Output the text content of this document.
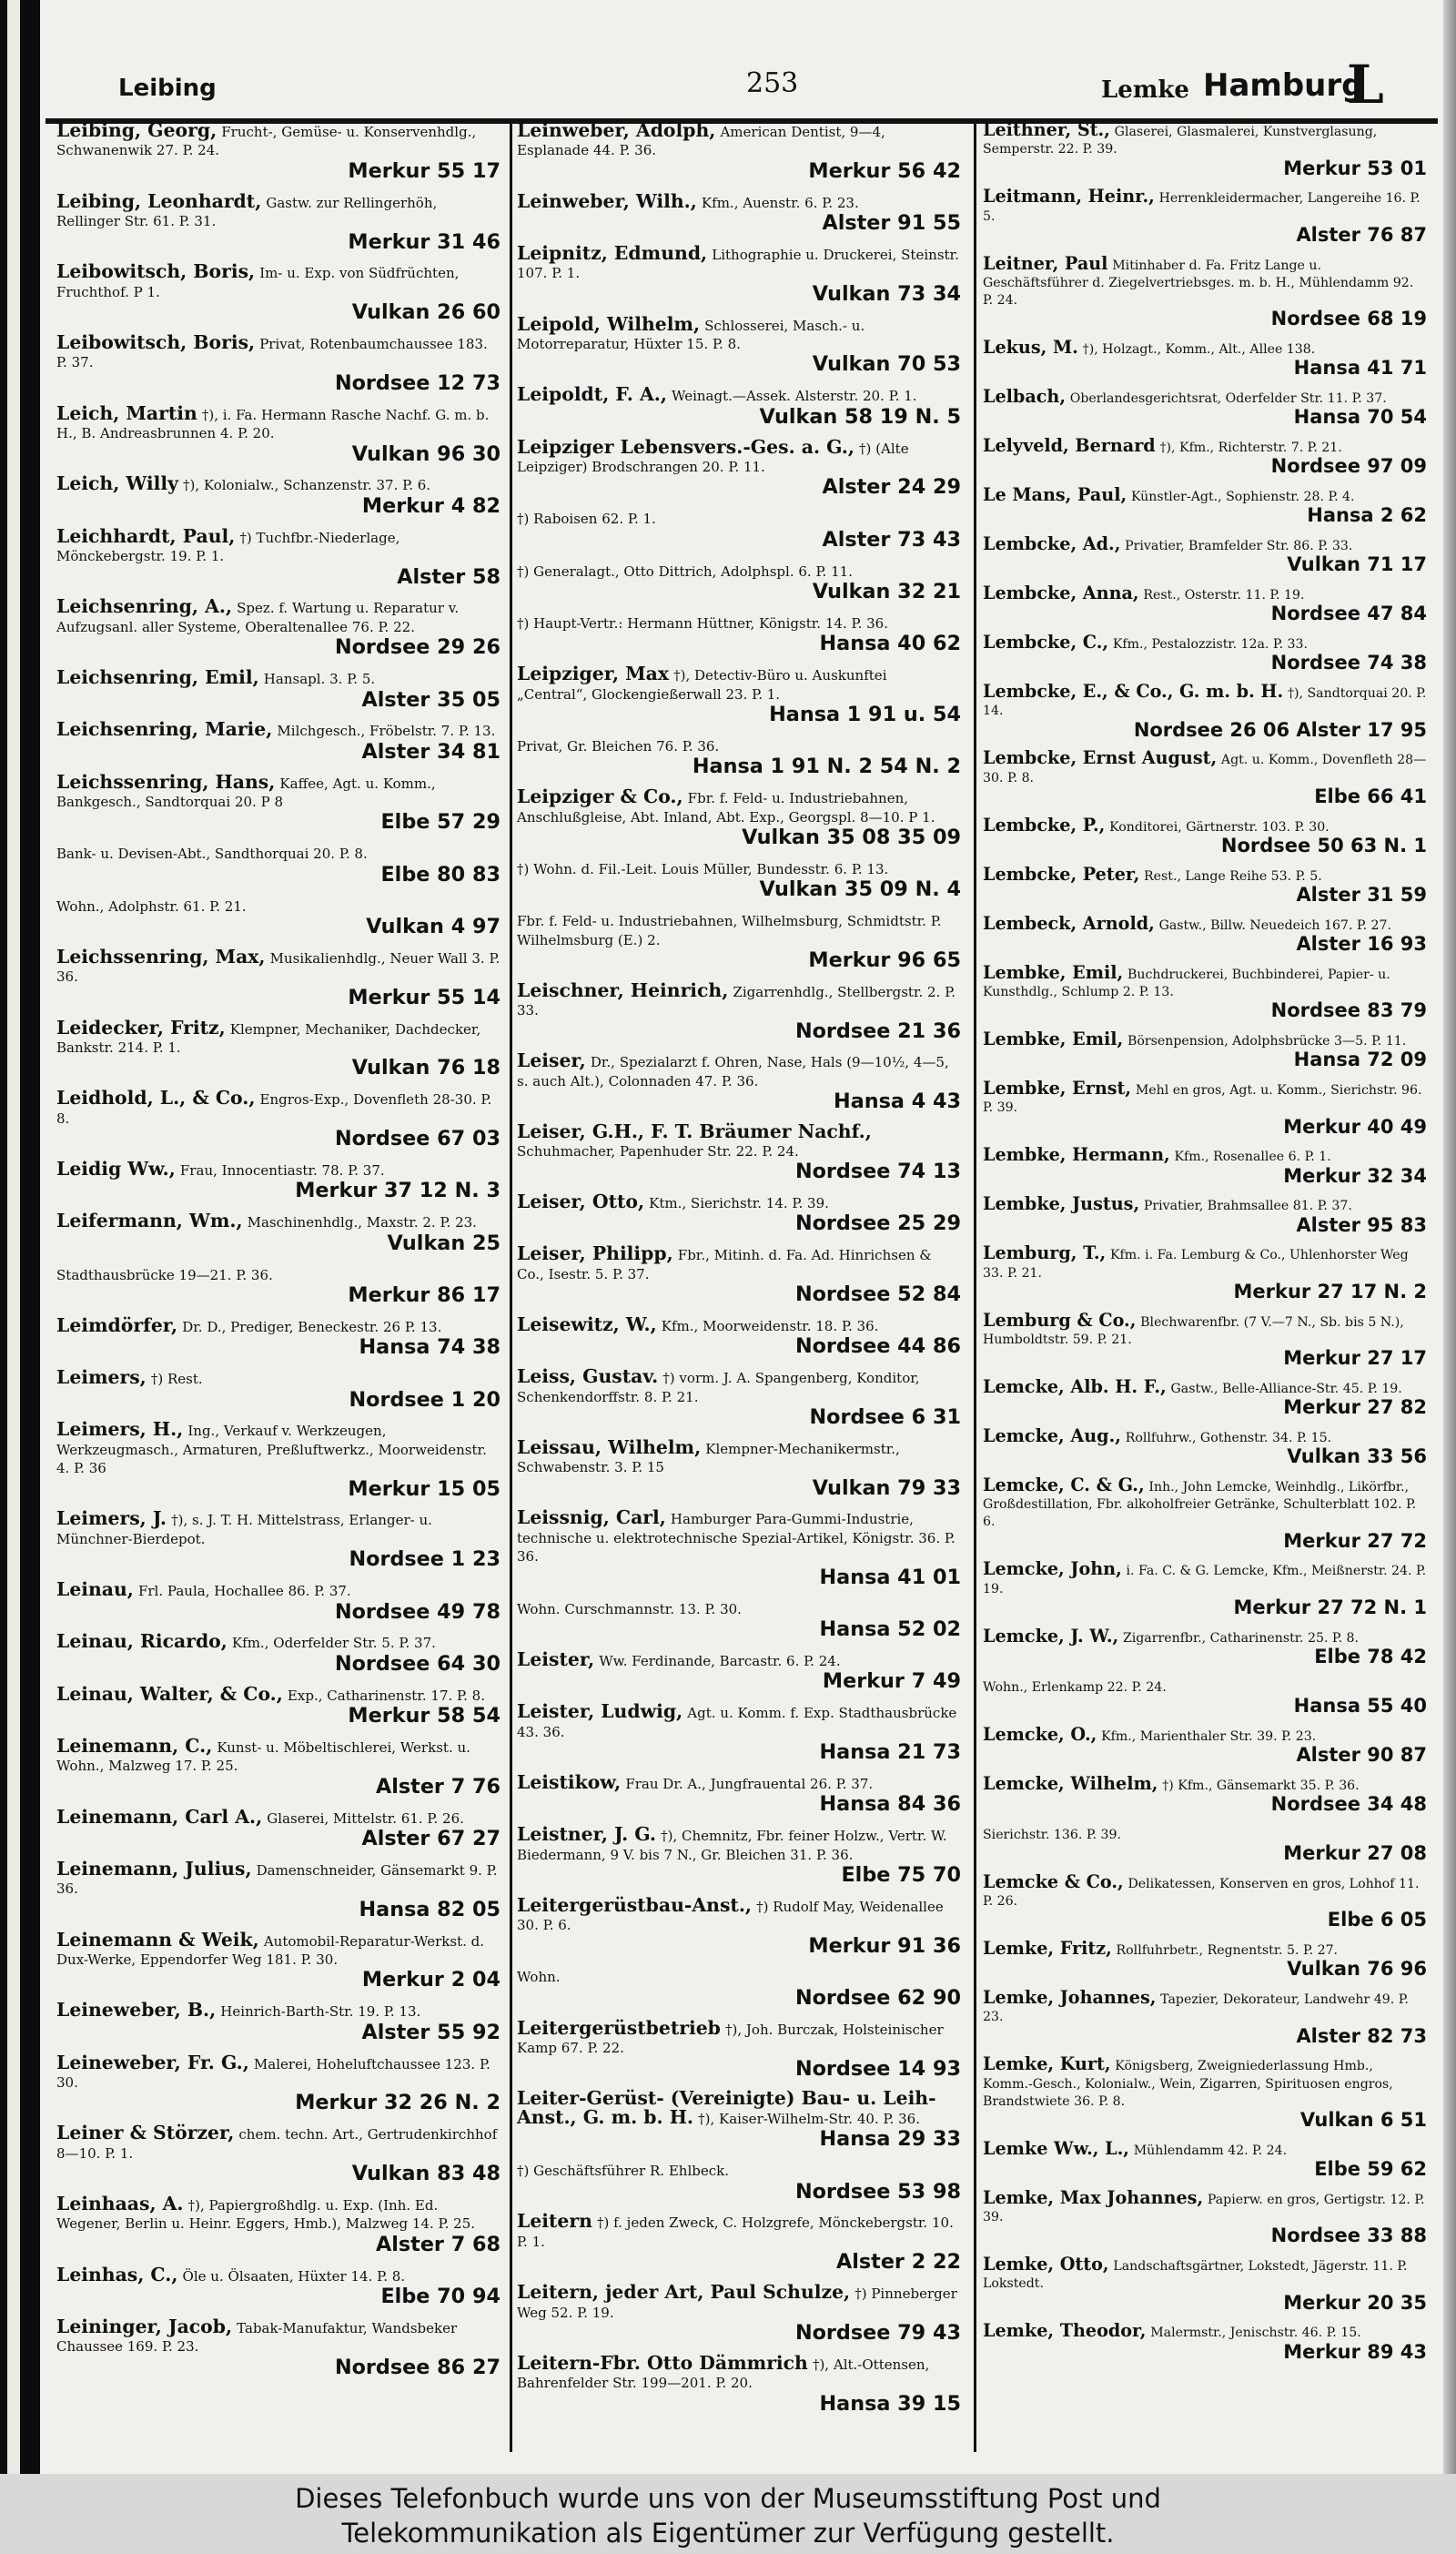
Leibing	253	Lemke Hamburg
L
Leibing, Georg, Frucht-, Gemüse- u. Konservenhdlg., Schwanenwik 27. P. 24.
Merkur 55 17
Leibing, Leonhardt, Gastw. zur Rellingerhöh, Rellinger Str. 61. P. 31.
Merkur 31 46
Leibowitsch, Boris, Im- u. Exp. von Südfrüchten, Fruchthof. P 1.
Vulkan 26 60
Leibowitsch, Boris, Privat, Rotenbaumchaussee 183. P. 37.
Nordsee 12 73
Leich, Martin †), i. Fa. Hermann Rasche Nachf. G. m. b. H., B. Andreasbrunnen 4. P. 20.
Vulkan 96 30
Leich, Willy †), Kolonialw., Schanzenstr. 37. P. 6.
Merkur 4 82
Leichhardt, Paul, †) Tuchfbr.-Niederlage, Mönckebergstr. 19. P. 1.
Alster 58
Leichsenring, A., Spez. f. Wartung u. Reparatur v. Aufzugsanl. aller Systeme, Oberaltenallee 76. P. 22.
Nordsee 29 26
Leichsenring, Emil, Hansapl. 3. P. 5.
Alster 35 05
Leichsenring, Marie, Milchgesch., Fröbelstr. 7. P. 13.
Alster 34 81
Leichssenring, Hans, Kaffee, Agt. u. Komm., Bankgesch., Sandtorquai 20. P 8
Elbe 57 29
Bank- u. Devisen-Abt., Sandthorquai 20. P. 8.
Elbe 80 83
Wohn., Adolphstr. 61. P. 21.
Vulkan 4 97
Leichssenring, Max, Musikalienhdlg., Neuer Wall 3. P. 36.
Merkur 55 14
Leidecker, Fritz, Klempner, Mechaniker, Dachdecker, Bankstr. 214. P. 1.
Vulkan 76 18
Leidhold, L., & Co., Engros-Exp., Dovenfleth 28-30. P. 8.
Nordsee 67 03
Leidig Ww., Frau, Innocentiastr. 78. P. 37.
Merkur 37 12 N. 3
Leifermann, Wm., Maschinenhdlg., Maxstr. 2. P. 23.
Vulkan 25
Stadthausbrücke 19—21. P. 36.
Merkur 86 17
Leimdörfer, Dr. D., Prediger, Beneckestr. 26 P. 13.
Hansa 74 38
Leimers, †) Rest.
Nordsee 1 20
Leimers, H., Ing., Verkauf v. Werkzeugen, Werkzeugmasch., Armaturen, Preßluftwerkz., Moorweidenstr. 4. P. 36
Merkur 15 05
Leimers, J. †), s. J. T. H. Mittelstrass, Erlanger- u. Münchner-Bierdepot.
Nordsee 1 23
Leinau, Frl. Paula, Hochallee 86. P. 37.
Nordsee 49 78
Leinau, Ricardo, Kfm., Oderfelder Str. 5. P. 37.
Nordsee 64 30
Leinau, Walter, & Co., Exp., Catharinenstr. 17. P. 8.
Merkur 58 54
Leinemann, C., Kunst- u. Möbeltischlerei, Werkst. u. Wohn., Malzweg 17. P. 25.
Alster 7 76
Leinemann, Carl A., Glaserei, Mittelstr. 61. P. 26.
Alster 67 27
Leinemann, Julius, Damenschneider, Gänsemarkt 9. P. 36.
Hansa 82 05
Leinemann & Weik, Automobil-Reparatur-Werkst. d. Dux-Werke, Eppendorfer Weg 181. P. 30.
Merkur 2 04
Leineweber, B., Heinrich-Barth-Str. 19. P. 13.
Alster 55 92
Leineweber, Fr. G., Malerei, Hoheluftchaussee 123. P. 30.
Merkur 32 26 N. 2
Leiner & Störzer, chem. techn. Art., Gertrudenkirchhof 8—10. P. 1.
Vulkan 83 48
Leinhaas, A. †), Papiergroßhdlg. u. Exp. (Inh. Ed. Wegener, Berlin u. Heinr. Eggers, Hmb.), Malzweg 14. P. 25.
Alster 7 68
Leinhas, C., Öle u. Ölsaaten, Hüxter 14. P. 8.
Elbe 70 94
Leininger, Jacob, Tabak-Manufaktur, Wandsbeker Chaussee 169. P. 23.
Nordsee 86 27
Leinweber, Adolph, American Dentist, 9—4, Esplanade 44. P. 36.
Merkur 56 42
Leinweber, Wilh., Kfm., Auenstr. 6. P. 23.
Alster 91 55
Leipnitz, Edmund, Lithographie u. Druckerei, Steinstr. 107. P. 1.
Vulkan 73 34
Leipold, Wilhelm, Schlosserei, Masch.- u. Motorreparatur, Hüxter 15. P. 8.
Vulkan 70 53
Leipoldt, F. A., Weinagt.—Assek. Alsterstr. 20. P. 1.
Vulkan 58 19 N. 5
Leipziger Lebensvers.-Ges. a. G., †) (Alte Leipziger) Brodschrangen 20. P. 11.
Alster 24 29
†) Raboisen 62. P. 1.
Alster 73 43
†) Generalagt., Otto Dittrich, Adolphspl. 6. P. 11.
Vulkan 32 21
†) Haupt-Vertr.: Hermann Hüttner, Königstr. 14. P. 36.
Hansa 40 62
Leipziger, Max †), Detectiv-Büro u. Auskunftei „Central“, Glockengießerwall 23. P. 1.
Hansa 1 91 u. 54
Privat, Gr. Bleichen 76. P. 36.
Hansa 1 91 N. 2 54 N. 2
Leipziger & Co., Fbr. f. Feld- u. Industriebahnen, Anschlußgleise, Abt. Inland, Abt. Exp., Georgspl. 8—10. P 1.
Vulkan 35 08 35 09
†) Wohn. d. Fil.-Leit. Louis Müller, Bundesstr. 6. P. 13.
Vulkan 35 09 N. 4
Fbr. f. Feld- u. Industriebahnen, Wilhelmsburg, Schmidtstr. P. Wilhelmsburg (E.) 2.
Merkur 96 65
Leischner, Heinrich, Zigarrenhdlg., Stellbergstr. 2. P. 33.
Nordsee 21 36
Leiser, Dr., Spezialarzt f. Ohren, Nase, Hals (9—10½, 4—5, s. auch Alt.), Colonnaden 47. P. 36.
Hansa 4 43
Leiser, G.H., F. T. Bräumer Nachf., Schuhmacher, Papenhuder Str. 22. P. 24.
Nordsee 74 13
Leiser, Otto, Ktm., Sierichstr. 14. P. 39.
Nordsee 25 29
Leiser, Philipp, Fbr., Mitinh. d. Fa. Ad. Hinrichsen & Co., Isestr. 5. P. 37.
Nordsee 52 84
Leisewitz, W., Kfm., Moorweidenstr. 18. P. 36.
Nordsee 44 86
Leiss, Gustav. †) vorm. J. A. Spangenberg, Konditor, Schenkendorffstr. 8. P. 21.
Nordsee 6 31
Leissau, Wilhelm, Klempner-Mechanikermstr., Schwabenstr. 3. P. 15
Vulkan 79 33
Leissnig, Carl, Hamburger Para-Gummi-Industrie, technische u. elektrotechnische Spezial-Artikel, Königstr. 36. P. 36.
Hansa 41 01
Wohn. Curschmannstr. 13. P. 30.
Hansa 52 02
Leister, Ww. Ferdinande, Barcastr. 6. P. 24.
Merkur 7 49
Leister, Ludwig, Agt. u. Komm. f. Exp. Stadthausbrücke 43. 36.
Hansa 21 73
Leistikow, Frau Dr. A., Jungfrauental 26. P. 37.
Hansa 84 36
Leistner, J. G. †), Chemnitz, Fbr. feiner Holzw., Vertr. W. Biedermann, 9 V. bis 7 N., Gr. Bleichen 31. P. 36.
Elbe 75 70
Leitergerüstbau-Anst., †) Rudolf May, Weidenallee 30. P. 6.
Merkur 91 36
Wohn.
Nordsee 62 90
Leitergerüstbetrieb †), Joh. Burczak, Holsteinischer Kamp 67. P. 22.
Nordsee 14 93
Leiter-Gerüst- (Vereinigte) Bau- u. Leih-Anst., G. m. b. H. †), Kaiser-Wilhelm-Str. 40. P. 36.
Hansa 29 33
†) Geschäftsführer R. Ehlbeck.
Nordsee 53 98
Leitern †) f. jeden Zweck, C. Holzgrefe, Mönckebergstr. 10. P. 1.
Alster 2 22
Leitern, jeder Art, Paul Schulze, †) Pinneberger Weg 52. P. 19.
Nordsee 79 43
Leitern-Fbr. Otto Dämmrich †), Alt.-Ottensen, Bahrenfelder Str. 199—201. P. 20.
Hansa 39 15
Leithner, St., Glaserei, Glasmalerei, Kunstverglasung, Semperstr. 22. P. 39.
Merkur 53 01
Leitmann, Heinr., Herrenkleidermacher, Langereihe 16. P. 5.
Alster 76 87
Leitner, Paul Mitinhaber d. Fa. Fritz Lange u. Geschäftsführer d. Ziegelvertriebsges. m. b. H., Mühlendamm 92. P. 24.
Nordsee 68 19
Lekus, M. †), Holzagt., Komm., Alt., Allee 138.
Hansa 41 71
Lelbach, Oberlandesgerichtsrat, Oderfelder Str. 11. P. 37.
Hansa 70 54
Lelyveld, Bernard †), Kfm., Richterstr. 7. P. 21.
Nordsee 97 09
Le Mans, Paul, Künstler-Agt., Sophienstr. 28. P. 4.
Hansa 2 62
Lembcke, Ad., Privatier, Bramfelder Str. 86. P. 33.
Vulkan 71 17
Lembcke, Anna, Rest., Osterstr. 11. P. 19.
Nordsee 47 84
Lembcke, C., Kfm., Pestalozzistr. 12a. P. 33.
Nordsee 74 38
Lembcke, E., & Co., G. m. b. H. †), Sandtorquai 20. P. 14.
Nordsee 26 06 Alster 17 95
Lembcke, Ernst August, Agt. u. Komm., Dovenfleth 28—30. P. 8.
Elbe 66 41
Lembcke, P., Konditorei, Gärtnerstr. 103. P. 30.
Nordsee 50 63 N. 1
Lembcke, Peter, Rest., Lange Reihe 53. P. 5.
Alster 31 59
Lembeck, Arnold, Gastw., Billw. Neuedeich 167. P. 27.
Alster 16 93
Lembke, Emil, Buchdruckerei, Buchbinderei, Papier- u. Kunsthdlg., Schlump 2. P. 13.
Nordsee 83 79
Lembke, Emil, Börsenpension, Adolphsbrücke 3—5. P. 11.
Hansa 72 09
Lembke, Ernst, Mehl en gros, Agt. u. Komm., Sierichstr. 96. P. 39.
Merkur 40 49
Lembke, Hermann, Kfm., Rosenallee 6. P. 1.
Merkur 32 34
Lembke, Justus, Privatier, Brahmsallee 81. P. 37.
Alster 95 83
Lemburg, T., Kfm. i. Fa. Lemburg & Co., Uhlenhorster Weg 33. P. 21.
Merkur 27 17 N. 2
Lemburg & Co., Blechwarenfbr. (7 V.—7 N., Sb. bis 5 N.), Humboldtstr. 59. P. 21.
Merkur 27 17
Lemcke, Alb. H. F., Gastw., Belle-Alliance-Str. 45. P. 19.
Merkur 27 82
Lemcke, Aug., Rollfuhrw., Gothenstr. 34. P. 15.
Vulkan 33 56
Lemcke, C. & G., Inh., John Lemcke, Weinhdlg., Likörfbr., Großdestillation, Fbr. alkoholfreier Getränke, Schulterblatt 102. P. 6.
Merkur 27 72
Lemcke, John, i. Fa. C. & G. Lemcke, Kfm., Meißnerstr. 24. P. 19.
Merkur 27 72 N. 1
Lemcke, J. W., Zigarrenfbr., Catharinenstr. 25. P. 8.
Elbe 78 42
Wohn., Erlenkamp 22. P. 24.
Hansa 55 40
Lemcke, O., Kfm., Marienthaler Str. 39. P. 23.
Alster 90 87
Lemcke, Wilhelm, †) Kfm., Gänsemarkt 35. P. 36.
Nordsee 34 48
Sierichstr. 136. P. 39.
Merkur 27 08
Lemcke & Co., Delikatessen, Konserven en gros, Lohhof 11. P. 26.
Elbe 6 05
Lemke, Fritz, Rollfuhrbetr., Regnentstr. 5. P. 27.
Vulkan 76 96
Lemke, Johannes, Tapezier, Dekorateur, Landwehr 49. P. 23.
Alster 82 73
Lemke, Kurt, Königsberg, Zweigniederlassung Hmb., Komm.-Gesch., Kolonialw., Wein, Zigarren, Spirituosen engros, Brandstwiete 36. P. 8.
Vulkan 6 51
Lemke Ww., L., Mühlendamm 42. P. 24.
Elbe 59 62
Lemke, Max Johannes, Papierw. en gros, Gertigstr. 12. P. 39.
Nordsee 33 88
Lemke, Otto, Landschaftsgärtner, Lokstedt, Jägerstr. 11. P. Lokstedt.
Merkur 20 35
Lemke, Theodor, Malermstr., Jenischstr. 46. P. 15.
Merkur 89 43
Dieses Telefonbuch wurde uns von der Museumsstiftung Post und
Telekommunikation als Eigentümer zur Verfügung gestellt.
